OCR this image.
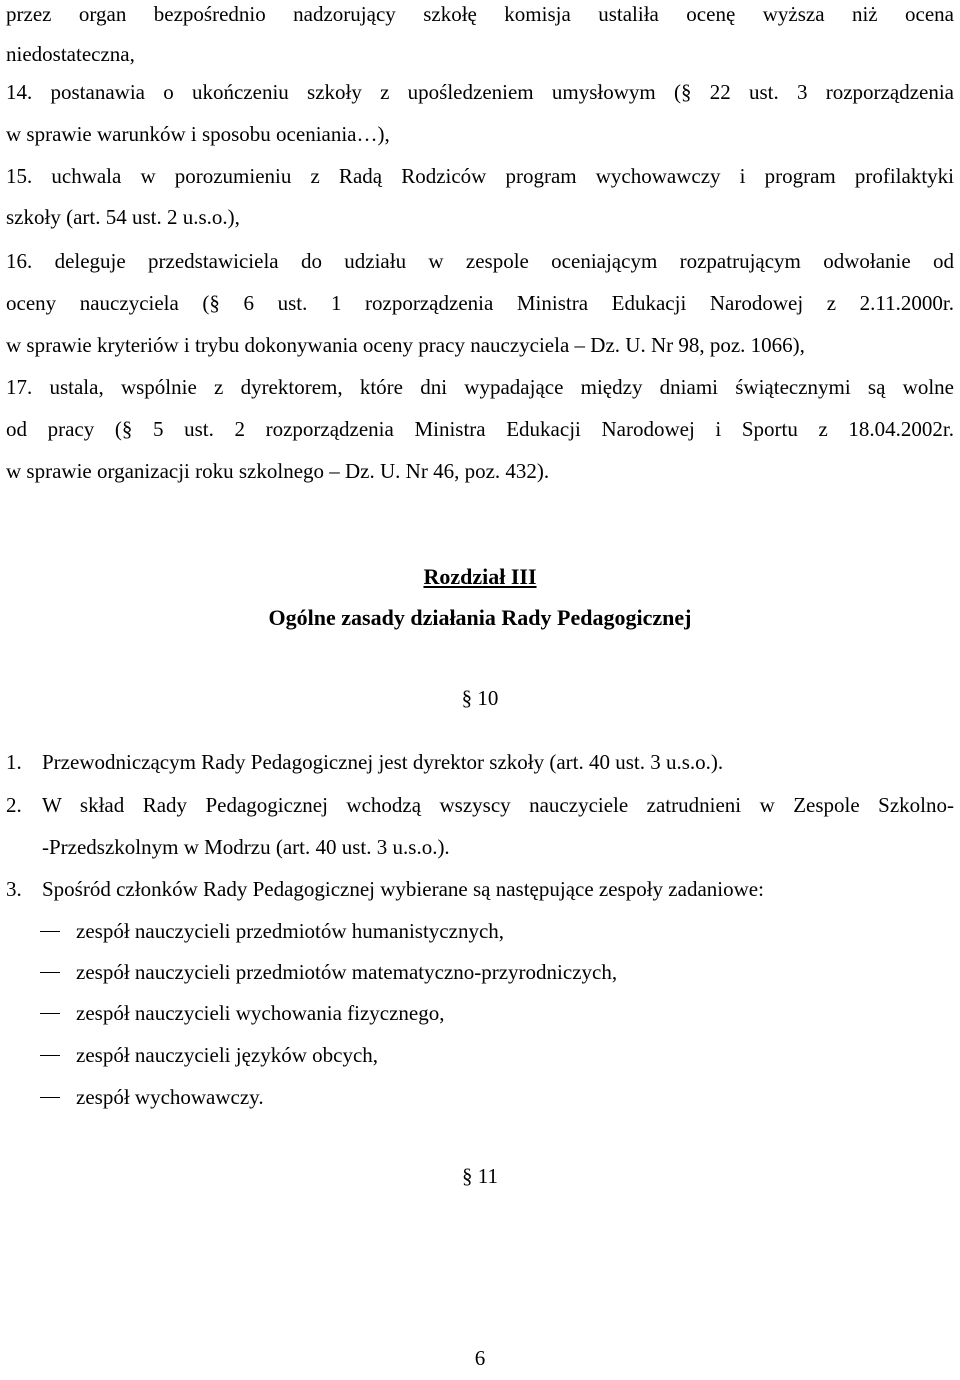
przez organ bezpośrednio nadzorujący szkołę komisja ustaliła ocenę wyższa niż ocena
niedostateczna,
14. postanawia o ukończeniu szkoły z upośledzeniem umysłowym (§ 22 ust. 3 rozporządzenia
w sprawie warunków i sposobu oceniania…),
15. uchwala w porozumieniu z Radą Rodziców program wychowawczy i program profilaktyki
szkoły (art. 54 ust. 2 u.s.o.),
16. deleguje przedstawiciela do udziału w zespole oceniającym rozpatrującym odwołanie od
oceny nauczyciela (§ 6 ust. 1 rozporządzenia Ministra Edukacji Narodowej z 2.11.2000r.
w sprawie kryteriów i trybu dokonywania oceny pracy nauczyciela – Dz. U. Nr 98, poz. 1066),
17. ustala, wspólnie z dyrektorem, które dni wypadające między dniami świątecznymi są wolne
od pracy (§ 5 ust. 2 rozporządzenia Ministra Edukacji Narodowej i Sportu z 18.04.2002r.
w sprawie organizacji roku szkolnego – Dz. U. Nr 46, poz. 432).
Rozdział III
Ogólne zasady działania Rady Pedagogicznej
§ 10
1. Przewodniczącym Rady Pedagogicznej jest dyrektor szkoły (art. 40 ust. 3 u.s.o.).
2. W skład Rady Pedagogicznej wchodzą wszyscy nauczyciele zatrudnieni w Zespole Szkolno-
-Przedszkolnym w Modrzu (art. 40 ust. 3 u.s.o.).
3. Spośród członków Rady Pedagogicznej wybierane są następujące zespoły zadaniowe:
zespół nauczycieli przedmiotów humanistycznych,
zespół nauczycieli przedmiotów matematyczno-przyrodniczych,
zespół nauczycieli wychowania fizycznego,
zespół nauczycieli języków obcych,
zespół wychowawczy.
§ 11
6
